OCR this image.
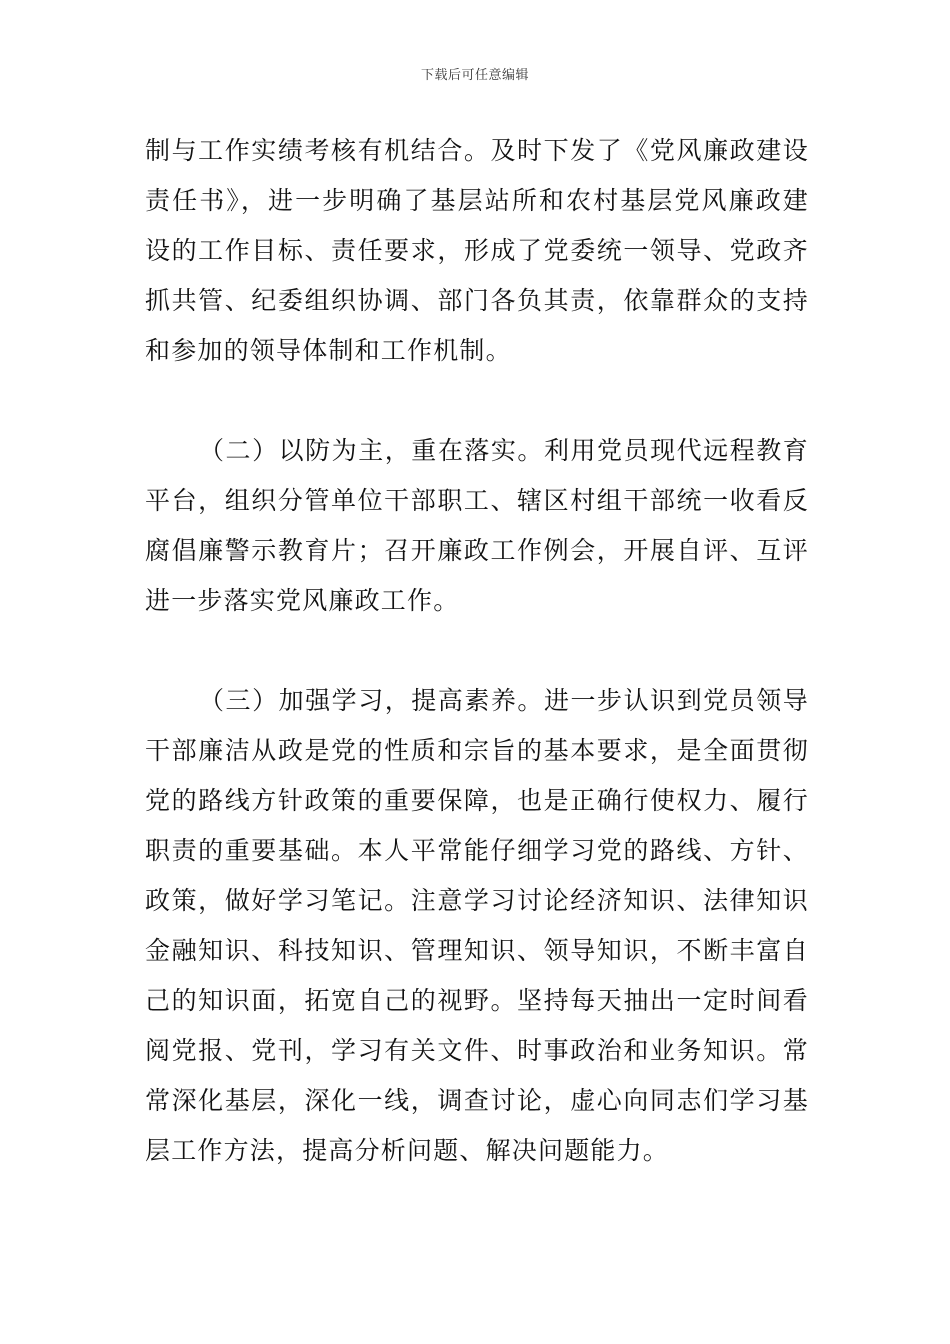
下载后可任意编辑

制与工作实绩考核有机结合。及时下发了《党风廉政建设责任书》，进一步明确了基层站所和农村基层党风廉政建设的工作目标、责任要求，形成了党委统一领导、党政齐抓共管、纪委组织协调、部门各负其责，依靠群众的支持和参加的领导体制和工作机制。

（二）以防为主，重在落实。利用党员现代远程教育平台，组织分管单位干部职工、辖区村组干部统一收看反腐倡廉警示教育片；召开廉政工作例会，开展自评、互评进一步落实党风廉政工作。

（三）加强学习，提高素养。进一步认识到党员领导干部廉洁从政是党的性质和宗旨的基本要求，是全面贯彻党的路线方针政策的重要保障，也是正确行使权力、履行职责的重要基础。本人平常能仔细学习党的路线、方针、政策，做好学习笔记。注意学习讨论经济知识、法律知识金融知识、科技知识、管理知识、领导知识，不断丰富自己的知识面，拓宽自己的视野。坚持每天抽出一定时间看阅党报、党刊，学习有关文件、时事政治和业务知识。常常深化基层，深化一线，调查讨论，虚心向同志们学习基层工作方法，提高分析问题、解决问题能力。
